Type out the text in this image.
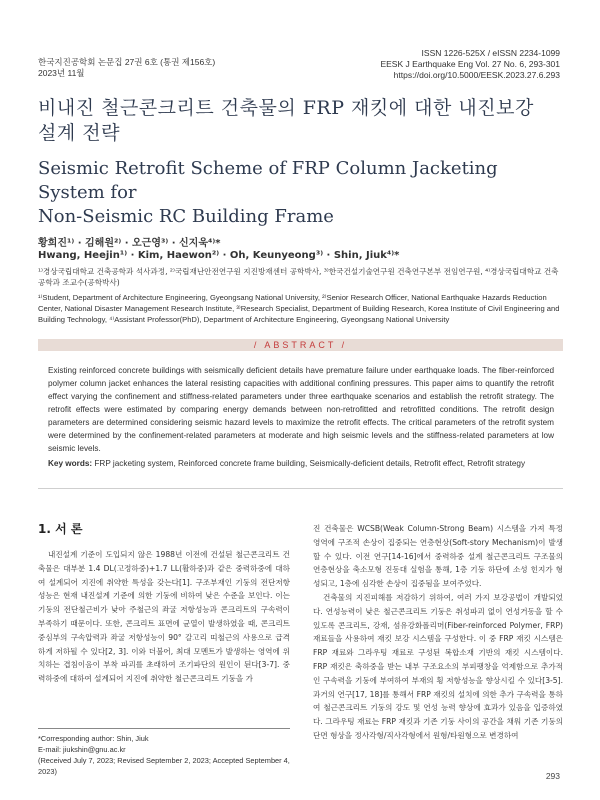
한국지진공학회 논문집 27권 6호 (통권 제156호)
2023년 11월
ISSN 1226-525X / eISSN 2234-1099
EESK J Earthquake Eng Vol. 27 No. 6, 293-301
https://doi.org/10.5000/EESK.2023.27.6.293
비내진 철근콘크리트 건축물의 FRP 재킷에 대한 내진보강
설계 전략
Seismic Retrofit Scheme of FRP Column Jacketing System for
Non-Seismic RC Building Frame
황희진¹⁾ · 김해원²⁾ · 오근영³⁾ · 신지욱⁴⁾*
Hwang, Heejin¹⁾ · Kim, Haewon²⁾ · Oh, Keunyeong³⁾ · Shin, Jiuk⁴⁾*
¹⁾경상국립대학교 건축공학과 석사과정, ²⁾국립재난안전연구원 지진방재센터 공학박사, ³⁾한국건설기술연구원 건축연구본부 전임연구원, ⁴⁾경상국립대학교 건축공학과 조교수(공학박사)
¹⁾Student, Department of Architecture Engineering, Gyeongsang National University, ²⁾Senior Research Officer, National Earthquake Hazards Reduction Center, National Disaster Management Research Institute, ³⁾Research Specialist, Department of Building Research, Korea Institute of Civil Engineering and Building Technology, ⁴⁾Assistant Professor(PhD), Department of Architecture Engineering, Gyeongsang National University
/ ABSTRACT /
Existing reinforced concrete buildings with seismically deficient details have premature failure under earthquake loads. The fiber-reinforced polymer column jacket enhances the lateral resisting capacities with additional confining pressures. This paper aims to quantify the retrofit effect varying the confinement and stiffness-related parameters under three earthquake scenarios and establish the retrofit strategy. The retrofit effects were estimated by comparing energy demands between non-retrofitted and retrofitted conditions. The retrofit design parameters are determined considering seismic hazard levels to maximize the retrofit effects. The critical parameters of the retrofit system were determined by the confinement-related parameters at moderate and high seismic levels and the stiffness-related parameters at low seismic levels.
Key words: FRP jacketing system, Reinforced concrete frame building, Seismically-deficient details, Retrofit effect, Retrofit strategy
1. 서 론

내진설계 기준이 도입되지 않은 1988년 이전에 건설된 철근콘크리트 건축물은 대부분 1.4 DL(고정하중)+1.7 LL(활하중)과 같은 중력하중에 대하여 설계되어 지진에 취약한 특성을 갖는다[1]. 구조부재인 기둥의 전단저항성능은 현재 내진설계 기준에 의한 기둥에 비하여 낮은 수준을 보인다. 이는 기둥의 전단철근비가 낮아 주철근의 좌굴 저항성능과 콘크리트의 구속력이 부족하기 때문이다. 또한, 콘크리트 표면에 균열이 발생하였을 때, 콘크리트 중심부의 구속압력과 좌굴 저항성능이 90° 갈고리 띠철근의 사용으로 급격하게 저하될 수 있다[2, 3]. 이와 더불어, 최대 모멘트가 발생하는 영역에 위치하는 겹침이음이 부착 파괴를 초래하여 조기파단의 원인이 된다[3-7]. 중력하중에 대하여 설계되어 지진에 취약한 철근콘크리트 기둥을 가

진 건축물은 WCSB(Weak Column-Strong Beam) 시스템을 가져 특정 영역에 구조적 손상이 집중되는 연층현상(Soft-story Mechanism)이 발생할 수 있다. 이전 연구[14-16]에서 중력하중 설계 철근콘크리트 구조물의 연층현상을 축소모형 진동대 실험을 통해, 1층 기둥 하단에 소성 힌지가 형성되고, 1층에 심각한 손상이 집중됨을 보여주었다.

건축물의 지진피해를 저감하기 위하여, 여러 가지 보강공법이 개발되었다. 연성능력이 낮은 철근콘크리트 기둥은 취성파괴 없이 연성거동을 할 수 있도록 콘크리트, 강재, 섬유강화폴리머(Fiber-reinforced Polymer, FRP) 재료들을 사용하여 재킷 보강 시스템을 구성한다. 이 중 FRP 재킷 시스템은 FRP 재료와 그라우팅 재료로 구성된 복합소재 기반의 재킷 시스템이다. FRP 재킷은 축하중을 받는 내부 구조요소의 부피팽창을 억제함으로 추가적인 구속력을 기둥에 부여하여 부재의 횡 저항성능을 향상시킬 수 있다[3-5]. 과거의 연구[17, 18]를 통해서 FRP 재킷의 설치에 의한 추가 구속력을 통하여 철근콘크리트 기둥의 강도 및 연성 능력 향상에 효과가 있음을 입증하였다. 그라우팅 재료는 FRP 재킷과 기존 기둥 사이의 공간을 채워 기존 기둥의 단면 형상을 정사각형/직사각형에서 원형/타원형으로 변경하여

*Corresponding author: Shin, Jiuk
E-mail: jiukshin@gnu.ac.kr
(Received July 7, 2023; Revised September 2, 2023; Accepted September 4, 2023)	293
